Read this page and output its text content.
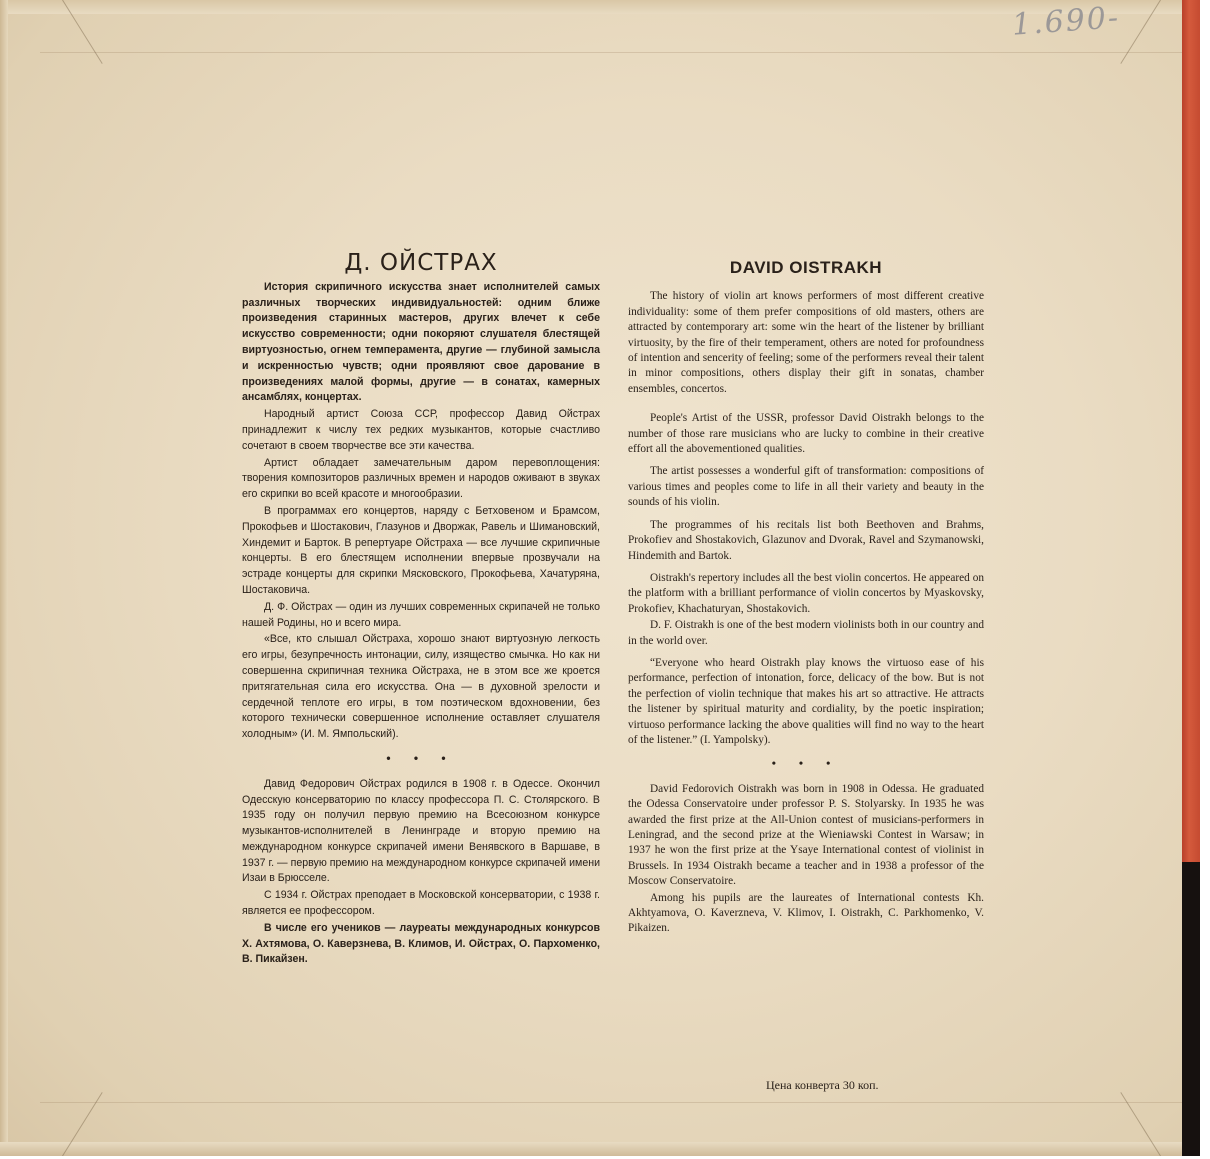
1.690-
Д. ОЙСТРАХ

История скрипичного искусства знает исполнителей самых различных творческих индивидуальностей: одним ближе произведения старинных мастеров, других влечет к себе искусство современности; одни покоряют слушателя блестящей виртуозностью, огнем темперамента, другие — глубиной замысла и искренностью чувств; одни проявляют свое дарование в произведениях малой формы, другие — в сонатах, камерных ансамблях, концертах.

Народный артист Союза ССР, профессор Давид Ойстрах принадлежит к числу тех редких музыкантов, которые счастливо сочетают в своем творчестве все эти качества.

Артист обладает замечательным даром перевоплощения: творения композиторов различных времен и народов оживают в звуках его скрипки во всей красоте и многообразии.

В программах его концертов, наряду с Бетховеном и Брамсом, Прокофьев и Шостакович, Глазунов и Дворжак, Равель и Шимановский, Хиндемит и Барток. В репертуаре Ойстраха — все лучшие скрипичные концерты. В его блестящем исполнении впервые прозвучали на эстраде концерты для скрипки Мясковского, Прокофьева, Хачатуряна, Шостаковича.

Д. Ф. Ойстрах — один из лучших современных скрипачей не только нашей Родины, но и всего мира.

«Все, кто слышал Ойстраха, хорошо знают виртуозную легкость его игры, безупречность интонации, силу, изящество смычка. Но как ни совершенна скрипичная техника Ойстраха, не в этом все же кроется притягательная сила его искусства. Она — в духовной зрелости и сердечной теплоте его игры, в том поэтическом вдохновении, без которого технически совершенное исполнение оставляет слушателя холодным» (И. М. Ямпольский).

• • •

Давид Федорович Ойстрах родился в 1908 г. в Одессе. Окончил Одесскую консерваторию по классу профессора П. С. Столярского. В 1935 году он получил первую премию на Всесоюзном конкурсе музыкантов-исполнителей в Ленинграде и вторую премию на международном конкурсе скрипачей имени Венявского в Варшаве, в 1937 г. — первую премию на международном конкурсе скрипачей имени Изаи в Брюсселе.

С 1934 г. Ойстрах преподает в Московской консерватории, с 1938 г. является ее профессором.

В числе его учеников — лауреаты международных конкурсов Х. Ахтямова, О. Каверзнева, В. Климов, И. Ойстрах, О. Пархоменко, В. Пикайзен.

DAVID OISTRAKH

The history of violin art knows performers of most different creative individuality: some of them prefer compositions of old masters, others are attracted by contemporary art: some win the heart of the listener by brilliant virtuosity, by the fire of their temperament, others are noted for profoundness of intention and sencerity of feeling; some of the performers reveal their talent in minor compositions, others display their gift in sonatas, chamber ensembles, concertos.

People's Artist of the USSR, professor David Oistrakh belongs to the number of those rare musicians who are lucky to combine in their creative effort all the abovementioned qualities.

The artist possesses a wonderful gift of transformation: compositions of various times and peoples come to life in all their variety and beauty in the sounds of his violin.

The programmes of his recitals list both Beethoven and Brahms, Prokofiev and Shostakovich, Glazunov and Dvorak, Ravel and Szymanowski, Hindemith and Bartok.

Oistrakh's repertory includes all the best violin concertos. He appeared on the platform with a brilliant performance of violin concertos by Myaskovsky, Prokofiev, Khachaturyan, Shostakovich.

D. F. Oistrakh is one of the best modern violinists both in our country and in the world over.

“Everyone who heard Oistrakh play knows the virtuoso ease of his performance, perfection of intonation, force, delicacy of the bow. But is not the perfection of violin technique that makes his art so attractive. He attracts the listener by spiritual maturity and cordiality, by the poetic inspiration; virtuoso performance lacking the above qualities will find no way to the heart of the listener.” (I. Yampolsky).

• • •

David Fedorovich Oistrakh was born in 1908 in Odessa. He graduated the Odessa Conservatoire under professor P. S. Stolyarsky. In 1935 he was awarded the first prize at the All-Union contest of musicians-performers in Leningrad, and the second prize at the Wieniawski Contest in Warsaw; in 1937 he won the first prize at the Ysaye International contest of violinist in Brussels. In 1934 Oistrakh became a teacher and in 1938 a professor of the Moscow Conservatoire.

Among his pupils are the laureates of International contests Kh. Akhtyamova, O. Kaverzneva, V. Klimov, I. Oistrakh, C. Parkhomenko, V. Pikaizen.

Цена конверта 30 коп.
